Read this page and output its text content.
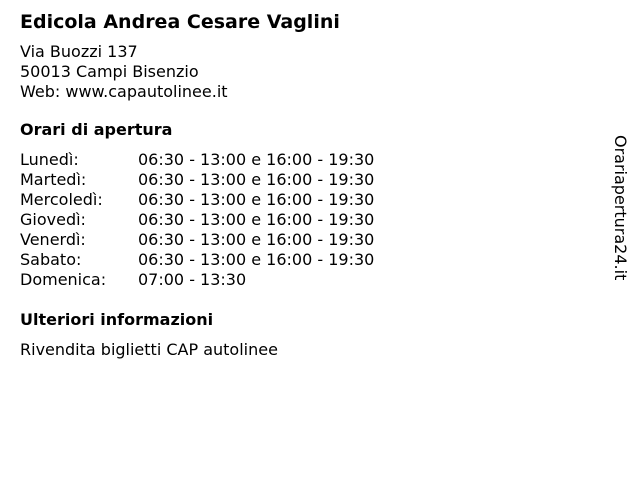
Edicola Andrea Cesare Vaglini
Via Buozzi 137
50013 Campi Bisenzio
Web: www.capautolinee.it
Orari di apertura
Lunedì:	06:30 - 13:00 e 16:00 - 19:30
Martedì:	06:30 - 13:00 e 16:00 - 19:30
Mercoledì:	06:30 - 13:00 e 16:00 - 19:30
Giovedì:	06:30 - 13:00 e 16:00 - 19:30
Venerdì:	06:30 - 13:00 e 16:00 - 19:30
Sabato:	06:30 - 13:00 e 16:00 - 19:30
Domenica:	07:00 - 13:30
Ulteriori informazioni
Rivendita biglietti CAP autolinee
Orariapertura24.it
